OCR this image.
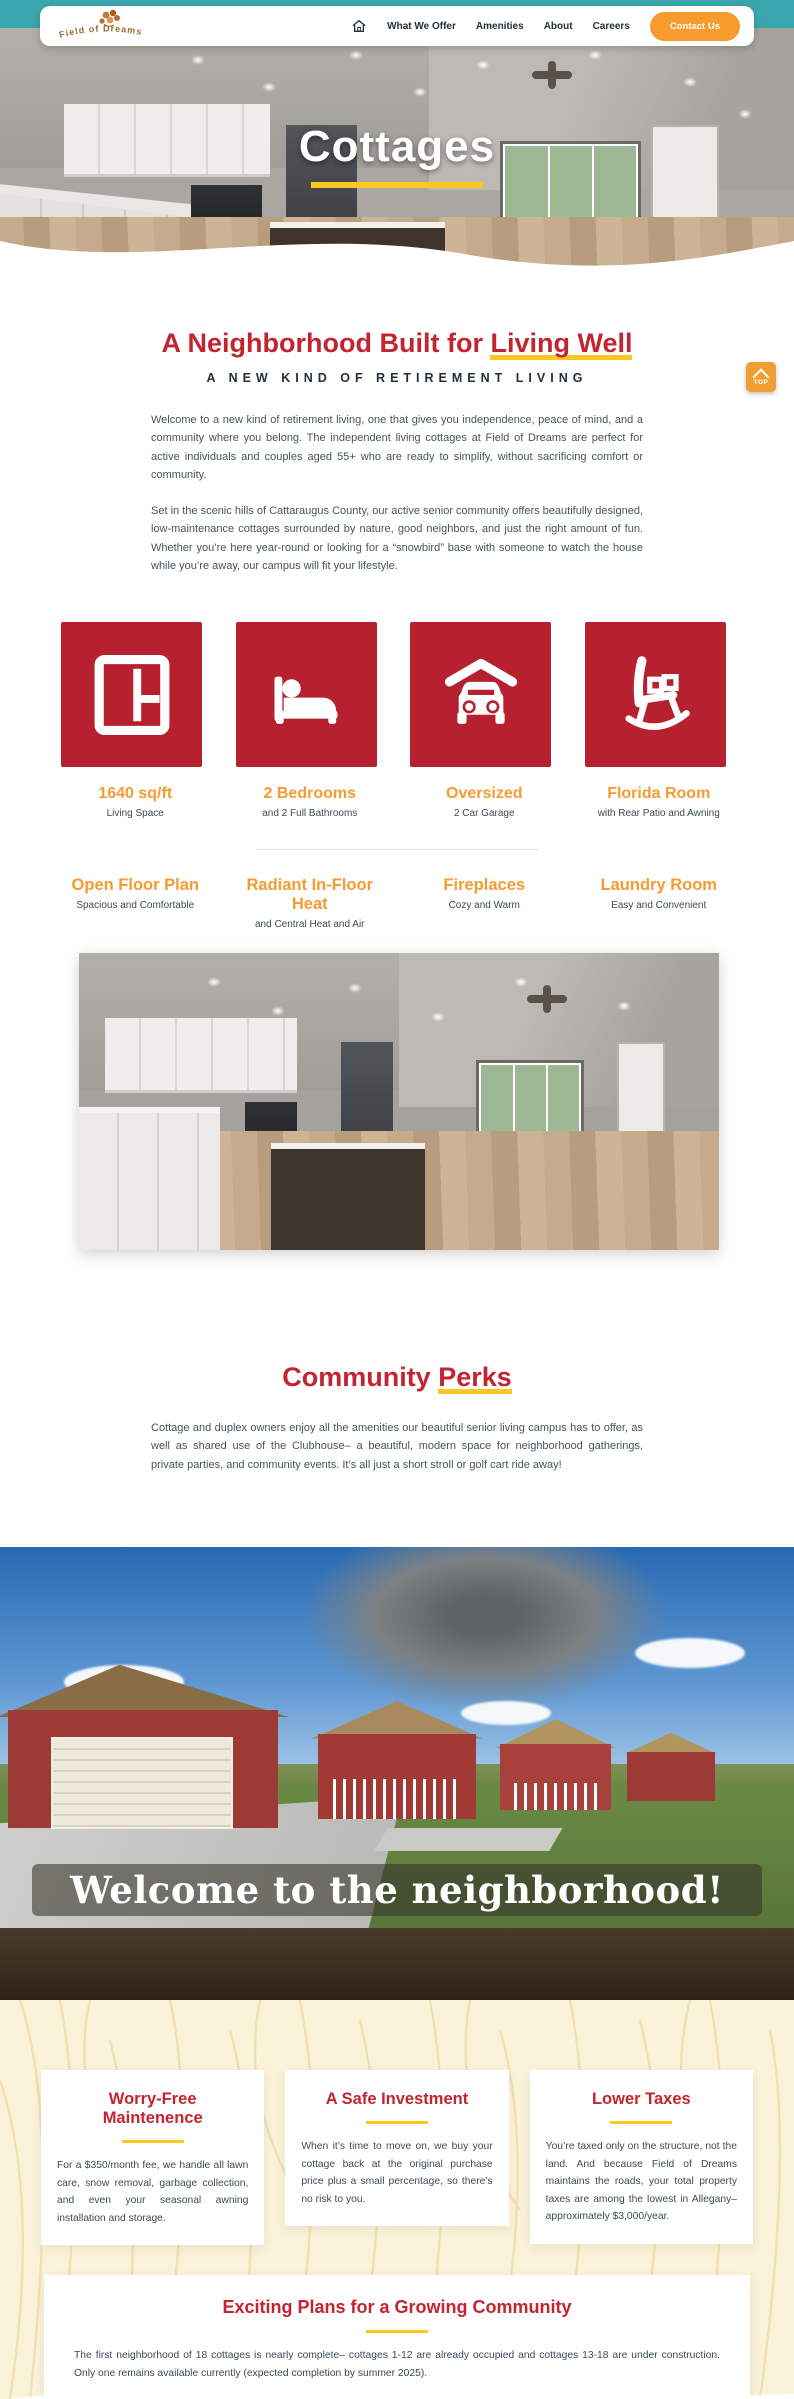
Field of Dreams
What We Offer Amenities About Careers	Contact Us
Cottages
TOP
A Neighborhood Built for Living Well
A NEW KIND OF RETIREMENT LIVING

Welcome to a new kind of retirement living, one that gives you independence, peace of mind, and a community where you belong. The independent living cottages at Field of Dreams are perfect for active individuals and couples aged 55+ who are ready to simplify, without sacrificing comfort or community.

Set in the scenic hills of Cattaraugus County, our active senior community offers beautifully designed, low-maintenance cottages surrounded by nature, good neighbors, and just the right amount of fun. Whether you’re here year-round or looking for a “snowbird” base with someone to watch the house while you’re away, our campus will fit your lifestyle.

1640 sq/ft
Living Space
2 Bedrooms
and 2 Full Bathrooms
Oversized
2 Car Garage
Florida Room
with Rear Patio and Awning
Open Floor Plan
Spacious and Comfortable
Radiant In-Floor Heat
and Central Heat and Air
Fireplaces
Cozy and Warm
Laundry Room
Easy and Convenient
Community Perks

Cottage and duplex owners enjoy all the amenities our beautiful senior living campus has to offer, as well as shared use of the Clubhouse– a beautiful, modern space for neighborhood gatherings, private parties, and community events. It’s all just a short stroll or golf cart ride away!

Welcome to the neighborhood!
Worry-Free Maintenence

For a $350/month fee, we handle all lawn care, snow removal, garbage collection, and even your seasonal awning installation and storage.

A Safe Investment

When it’s time to move on, we buy your cottage back at the original purchase price plus a small percentage, so there’s no risk to you.

Lower Taxes

You’re taxed only on the structure, not the land. And because Field of Dreams maintains the roads, your total property taxes are among the lowest in Allegany– approximately $3,000/year.

Exciting Plans for a Growing Community

The first neighborhood of 18 cottages is nearly complete– cottages 1-12 are already occupied and cottages 13-18 are under construction. Only one remains available currently (expected completion by summer 2025).
